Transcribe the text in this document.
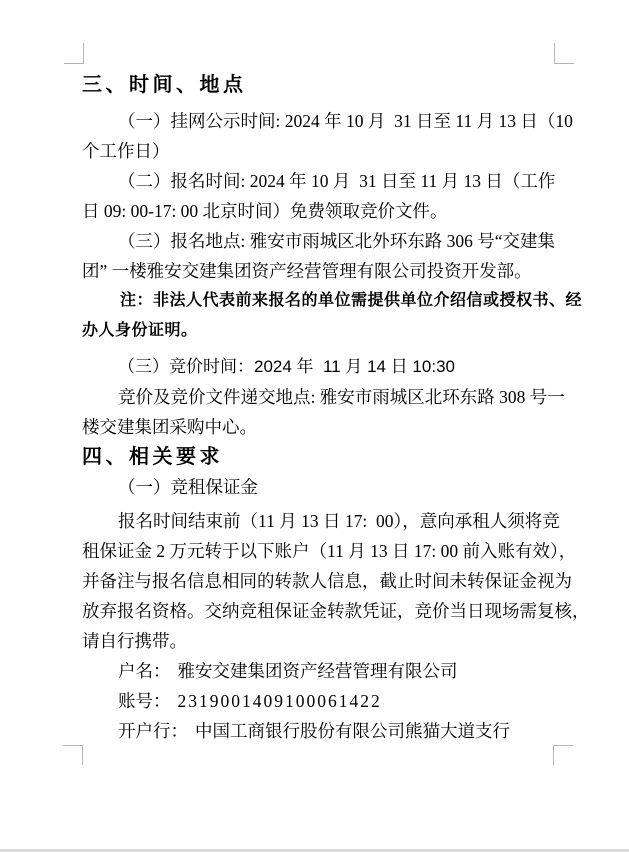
三、时间、地点
（一）挂网公示时间: 2024 年 10 月  31 日至 11 月 13 日（10
个工作日）
（二）报名时间: 2024 年 10 月  31 日至 11 月 13 日（工作
日 09: 00-17: 00 北京时间）免费领取竞价文件。
（三）报名地点: 雅安市雨城区北外环东路 306 号“交建集
团” 一楼雅安交建集团资产经营管理有限公司投资开发部。
注：非法人代表前来报名的单位需提供单位介绍信或授权书、经
办人身份证明。
（三）竞价时间：2024 年  11 月 14 日 10:30
竞价及竞价文件递交地点: 雅安市雨城区北环东路 308 号一
楼交建集团采购中心。
四、相关要求
（一）竞租保证金
报名时间结束前（11 月 13 日 17:  00），意向承租人须将竞
租保证金 2 万元转于以下账户（11 月 13 日 17: 00 前入账有效），
并备注与报名信息相同的转款人信息，截止时间未转保证金视为
放弃报名资格。交纳竞租保证金转款凭证，竞价当日现场需复核，
请自行携带。
户名： 雅安交建集团资产经营管理有限公司
账号： 2319001409100061422
开户行： 中国工商银行股份有限公司熊猫大道支行
